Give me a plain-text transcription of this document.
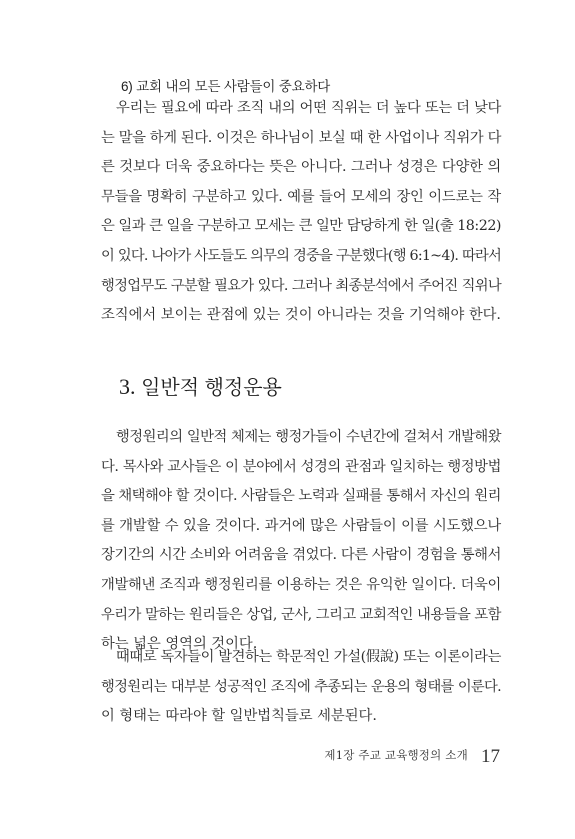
6) 교회 내의 모든 사람들이 중요하다
우리는 필요에 따라 조직 내의 어떤 직위는 더 높다 또는 더 낮다
는 말을 하게 된다. 이것은 하나님이 보실 때 한 사업이나 직위가 다
른 것보다 더욱 중요하다는 뜻은 아니다. 그러나 성경은 다양한 의
무들을 명확히 구분하고 있다. 예를 들어 모세의 장인 이드로는 작
은 일과 큰 일을 구분하고 모세는 큰 일만 담당하게 한 일(출 18:22)
이 있다. 나아가 사도들도 의무의 경중을 구분했다(행 6:1~4). 따라서
행정업무도 구분할 필요가 있다. 그러나 최종분석에서 주어진 직위나
조직에서 보이는 관점에 있는 것이 아니라는 것을 기억해야 한다.
3. 일반적 행정운용
행정원리의 일반적 체제는 행정가들이 수년간에 걸쳐서 개발해왔
다. 목사와 교사들은 이 분야에서 성경의 관점과 일치하는 행정방법
을 채택해야 할 것이다. 사람들은 노력과 실패를 통해서 자신의 원리
를 개발할 수 있을 것이다. 과거에 많은 사람들이 이를 시도했으나
장기간의 시간 소비와 어려움을 겪었다. 다른 사람이 경험을 통해서
개발해낸 조직과 행정원리를 이용하는 것은 유익한 일이다. 더욱이
우리가 말하는 원리들은 상업, 군사, 그리고 교회적인 내용들을 포함
하는 넓은 영역의 것이다.
때때로 독자들이 발견하는 학문적인 가설(假說) 또는 이론이라는
행정원리는 대부분 성공적인 조직에 추종되는 운용의 형태를 이룬다.
이 형태는 따라야 할 일반법칙들로 세분된다.
제1장 주교 교육행정의 소개 17
